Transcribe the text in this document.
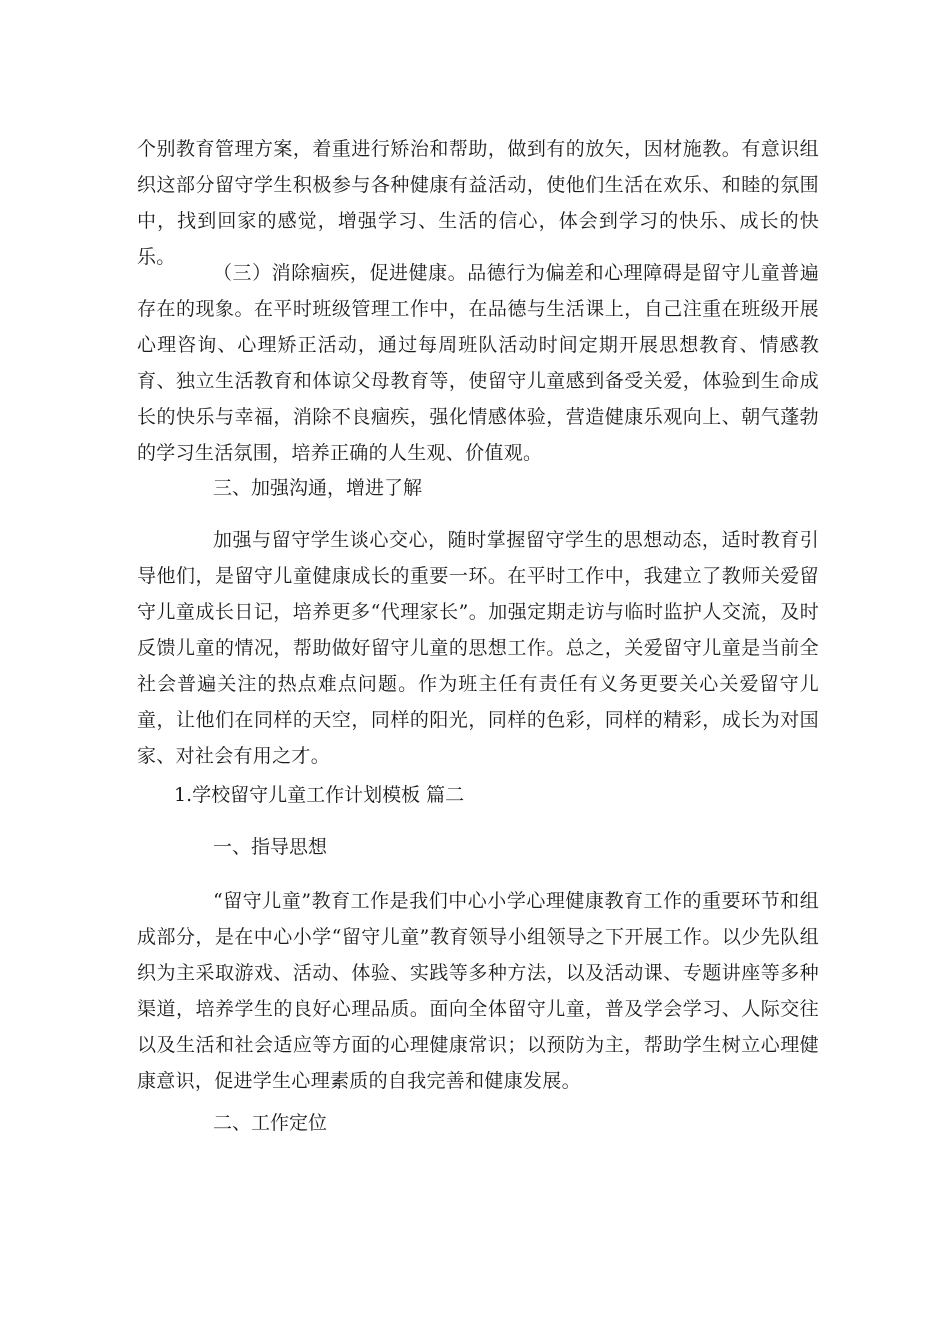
个别教育管理方案，着重进行矫治和帮助，做到有的放矢，因材施教。有意识组织这部分留守学生积极参与各种健康有益活动，使他们生活在欢乐、和睦的氛围中，找到回家的感觉，增强学习、生活的信心，体会到学习的快乐、成长的快乐。

（三）消除痼疾，促进健康。品德行为偏差和心理障碍是留守儿童普遍存在的现象。在平时班级管理工作中，在品德与生活课上，自己注重在班级开展心理咨询、心理矫正活动，通过每周班队活动时间定期开展思想教育、情感教育、独立生活教育和体谅父母教育等，使留守儿童感到备受关爱，体验到生命成长的快乐与幸福，消除不良痼疾，强化情感体验，营造健康乐观向上、朝气蓬勃的学习生活氛围，培养正确的人生观、价值观。

三、加强沟通，增进了解

加强与留守学生谈心交心，随时掌握留守学生的思想动态，适时教育引导他们，是留守儿童健康成长的重要一环。在平时工作中，我建立了教师关爱留守儿童成长日记，培养更多“代理家长”。加强定期走访与临时监护人交流，及时反馈儿童的情况，帮助做好留守儿童的思想工作。总之，关爱留守儿童是当前全社会普遍关注的热点难点问题。作为班主任有责任有义务更要关心关爱留守儿童，让他们在同样的天空，同样的阳光，同样的色彩，同样的精彩，成长为对国家、对社会有用之才。

1.学校留守儿童工作计划模板 篇二

一、指导思想

“留守儿童”教育工作是我们中心小学心理健康教育工作的重要环节和组成部分，是在中心小学“留守儿童”教育领导小组领导之下开展工作。以少先队组织为主采取游戏、活动、体验、实践等多种方法，以及活动课、专题讲座等多种渠道，培养学生的良好心理品质。面向全体留守儿童，普及学会学习、人际交往以及生活和社会适应等方面的心理健康常识；以预防为主，帮助学生树立心理健康意识，促进学生心理素质的自我完善和健康发展。

二、工作定位
